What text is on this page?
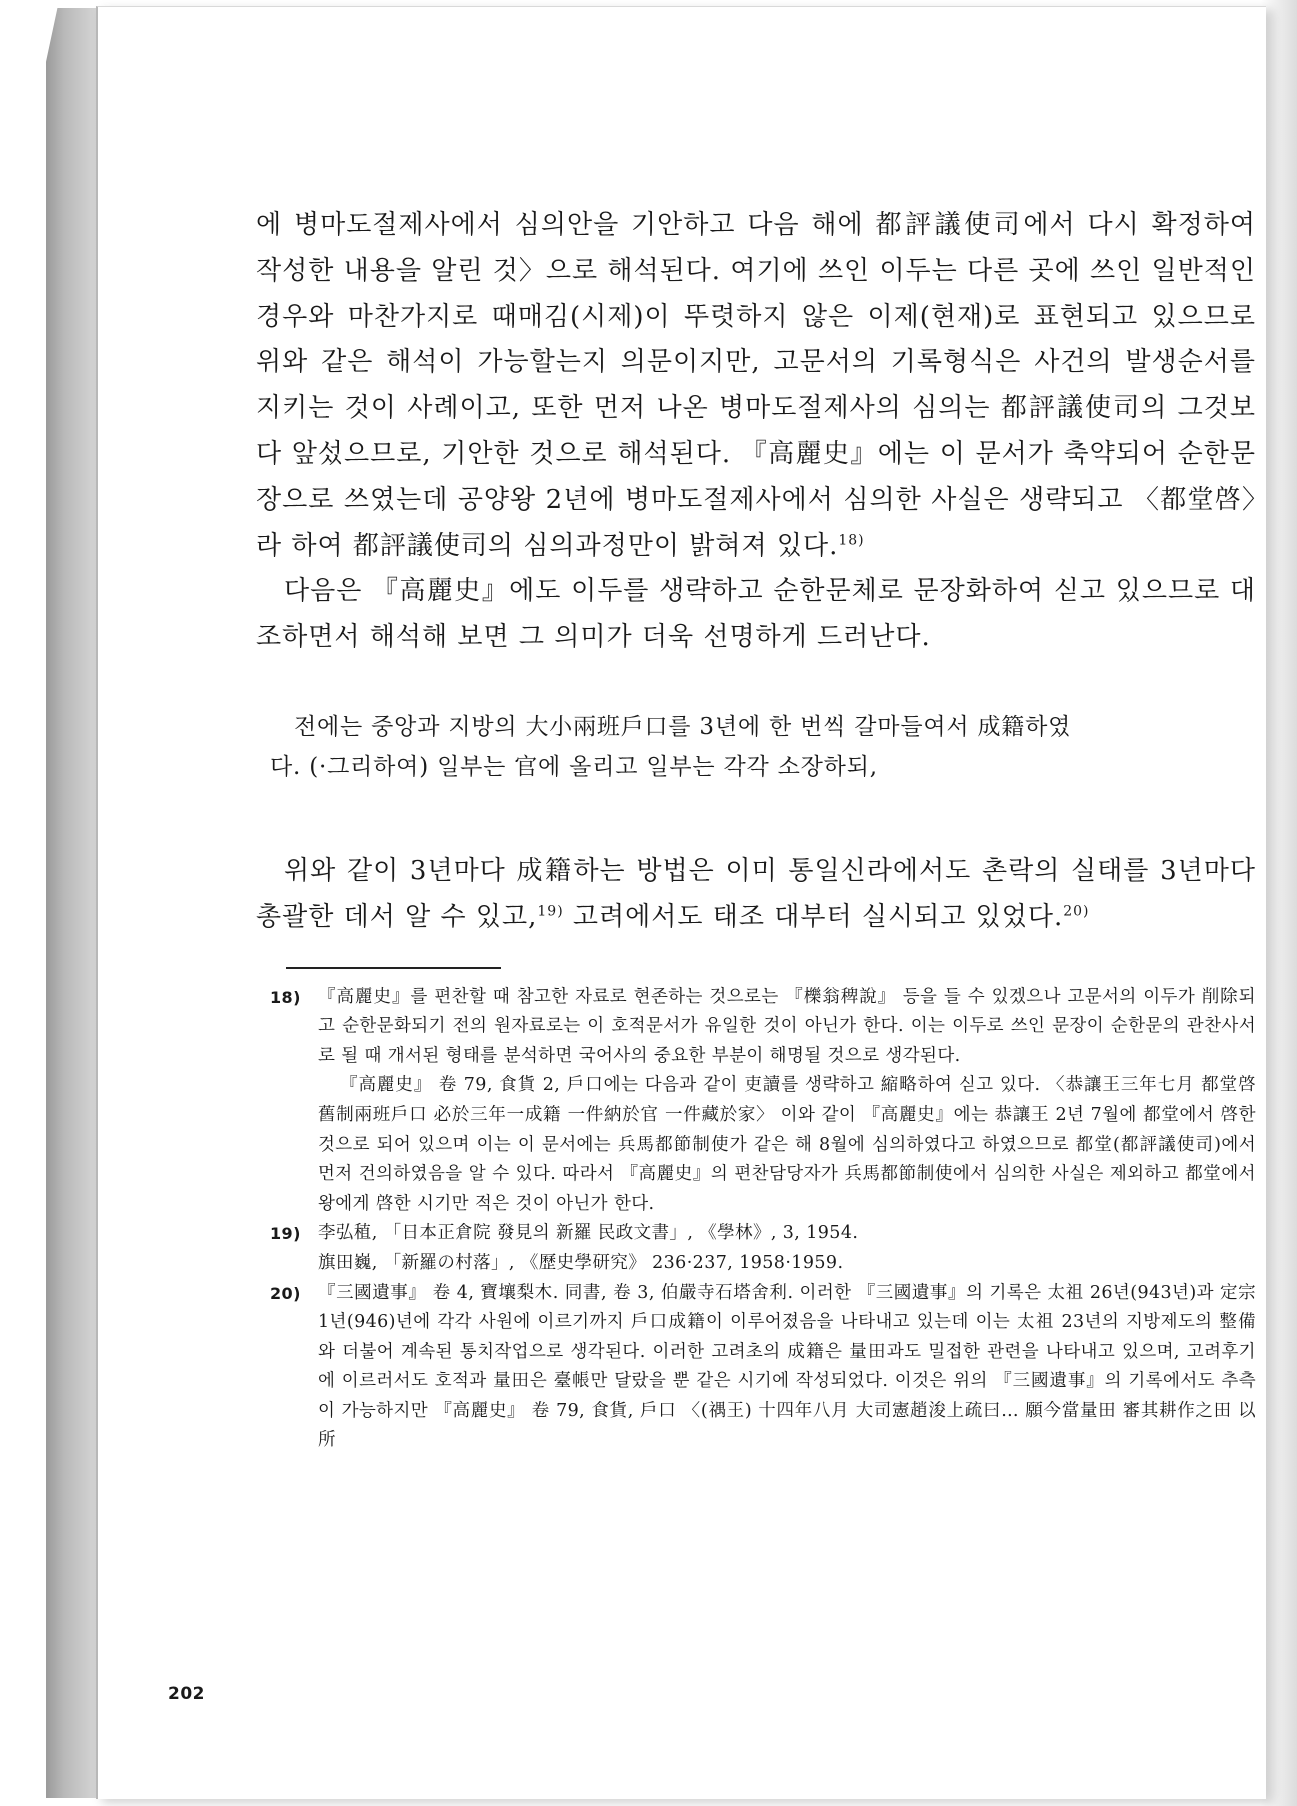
에 병마도절제사에서 심의안을 기안하고 다음 해에 都評議使司에서 다시 확정하여 작성한 내용을 알린 것〉으로 해석된다. 여기에 쓰인 이두는 다른 곳에 쓰인 일반적인 경우와 마찬가지로 때매김(시제)이 뚜렷하지 않은 이제(현재)로 표현되고 있으므로 위와 같은 해석이 가능할는지 의문이지만, 고문서의 기록형식은 사건의 발생순서를 지키는 것이 사례이고, 또한 먼저 나온 병마도절제사의 심의는 都評議使司의 그것보다 앞섰으므로, 기안한 것으로 해석된다. 『高麗史』에는 이 문서가 축약되어 순한문장으로 쓰였는데 공양왕 2년에 병마도절제사에서 심의한 사실은 생략되고 〈都堂啓〉라 하여 都評議使司의 심의과정만이 밝혀져 있다.$^{18)}$

다음은 『高麗史』에도 이두를 생략하고 순한문체로 문장화하여 싣고 있으므로 대조하면서 해석해 보면 그 의미가 더욱 선명하게 드러난다.

전에는 중앙과 지방의 大小兩班戶口를 3년에 한 번씩 갈마들여서 成籍하였
다. (·그리하여) 일부는 官에 올리고 일부는 각각 소장하되,

위와 같이 3년마다 成籍하는 방법은 이미 통일신라에서도 촌락의 실태를 3년마다 총괄한 데서 알 수 있고,$^{19)}$ 고려에서도 태조 대부터 실시되고 있었다.$^{20)}$

18) 『高麗史』를 편찬할 때 참고한 자료로 현존하는 것으로는 『櫟翁稗說』 등을 들 수 있겠으나 고문서의 이두가 削除되고 순한문화되기 전의 원자료로는 이 호적문서가 유일한 것이 아닌가 한다. 이는 이두로 쓰인 문장이 순한문의 관찬사서로 될 때 개서된 형태를 분석하면 국어사의 중요한 부분이 해명될 것으로 생각된다.
『高麗史』 卷 79, 食貨 2, 戶口에는 다음과 같이 吏讀를 생략하고 縮略하여 싣고 있다. 〈恭讓王三年七月 都堂啓 舊制兩班戶口 必於三年一成籍 一件納於官 一件藏於家〉 이와 같이 『高麗史』에는 恭讓王 2년 7월에 都堂에서 啓한 것으로 되어 있으며 이는 이 문서에는 兵馬都節制使가 같은 해 8월에 심의하였다고 하였으므로 都堂(都評議使司)에서 먼저 건의하였음을 알 수 있다. 따라서 『高麗史』의 편찬담당자가 兵馬都節制使에서 심의한 사실은 제외하고 都堂에서 왕에게 啓한 시기만 적은 것이 아닌가 한다.
19) 李弘稙, 「日本正倉院 發見의 新羅 民政文書」, 《學林》, 3, 1954.
旗田巍, 「新羅の村落」, 《歷史學研究》 236·237, 1958·1959.
20) 『三國遺事』 卷 4, 寶壤梨木. 同書, 卷 3, 伯嚴寺石塔舍利. 이러한 『三國遺事』의 기록은 太祖 26년(943년)과 定宗 1년(946)년에 각각 사원에 이르기까지 戶口成籍이 이루어졌음을 나타내고 있는데 이는 太祖 23년의 지방제도의 整備와 더불어 계속된 통치작업으로 생각된다. 이러한 고려초의 成籍은 量田과도 밀접한 관련을 나타내고 있으며, 고려후기에 이르러서도 호적과 量田은 臺帳만 달랐을 뿐 같은 시기에 작성되었다. 이것은 위의 『三國遺事』의 기록에서도 추측이 가능하지만 『高麗史』 卷 79, 食貨, 戶口 〈(禑王) 十四年八月 大司憲趙浚上疏曰… 願今當量田 審其耕作之田 以所
202
